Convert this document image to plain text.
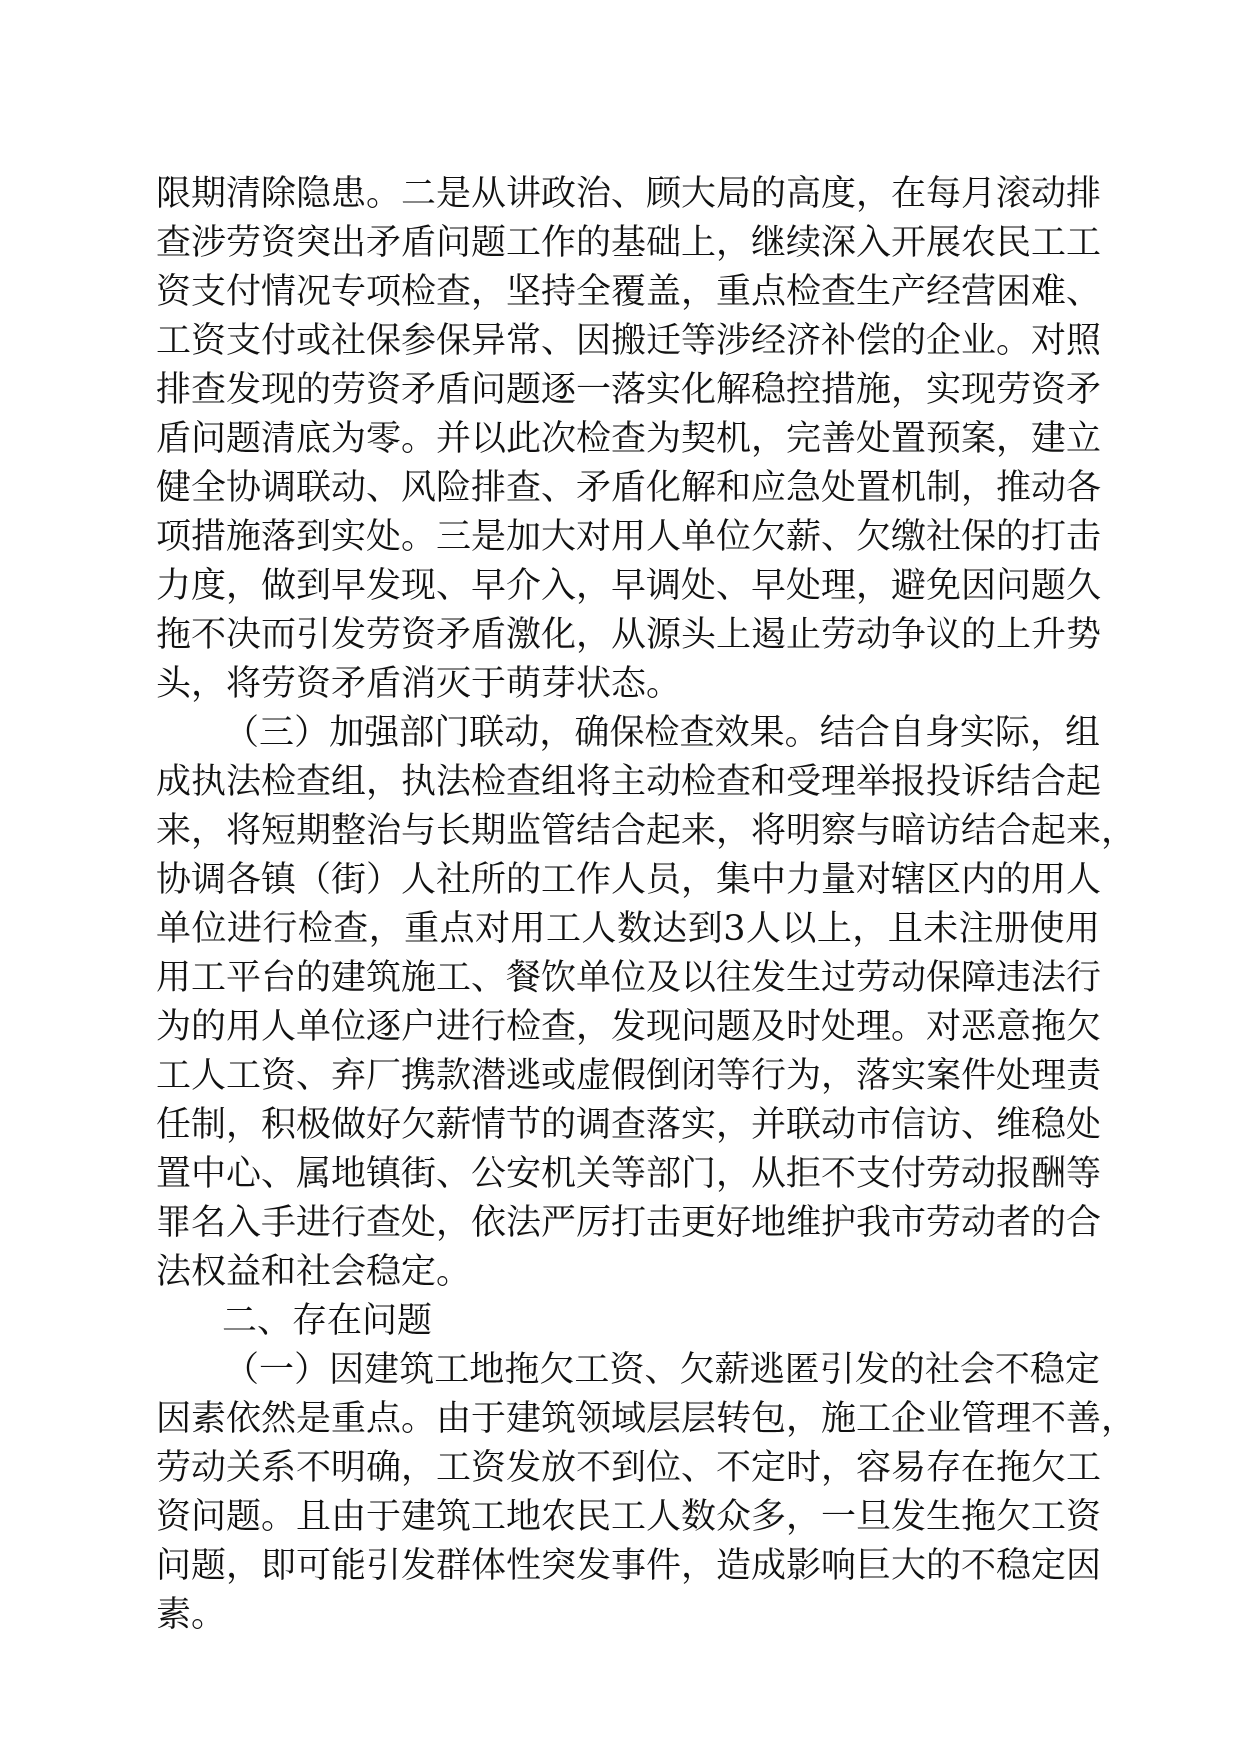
限期清除隐患。二是从讲政治、顾大局的高度，在每月滚动排
查涉劳资突出矛盾问题工作的基础上，继续深入开展农民工工
资支付情况专项检查，坚持全覆盖，重点检查生产经营困难、
工资支付或社保参保异常、因搬迁等涉经济补偿的企业。对照
排查发现的劳资矛盾问题逐一落实化解稳控措施，实现劳资矛
盾问题清底为零。并以此次检查为契机，完善处置预案，建立
健全协调联动、风险排查、矛盾化解和应急处置机制，推动各
项措施落到实处。三是加大对用人单位欠薪、欠缴社保的打击
力度，做到早发现、早介入，早调处、早处理，避免因问题久
拖不决而引发劳资矛盾激化，从源头上遏止劳动争议的上升势
头，将劳资矛盾消灭于萌芽状态。
（三）加强部门联动，确保检查效果。结合自身实际，组
成执法检查组，执法检查组将主动检查和受理举报投诉结合起
来，将短期整治与长期监管结合起来，将明察与暗访结合起来，
协调各镇（街）人社所的工作人员，集中力量对辖区内的用人
单位进行检查，重点对用工人数达到3人以上，且未注册使用
用工平台的建筑施工、餐饮单位及以往发生过劳动保障违法行
为的用人单位逐户进行检查，发现问题及时处理。对恶意拖欠
工人工资、弃厂携款潜逃或虚假倒闭等行为，落实案件处理责
任制，积极做好欠薪情节的调查落实，并联动市信访、维稳处
置中心、属地镇街、公安机关等部门，从拒不支付劳动报酬等
罪名入手进行查处，依法严厉打击更好地维护我市劳动者的合
法权益和社会稳定。
二、存在问题
（一）因建筑工地拖欠工资、欠薪逃匿引发的社会不稳定
因素依然是重点。由于建筑领域层层转包，施工企业管理不善，
劳动关系不明确，工资发放不到位、不定时，容易存在拖欠工
资问题。且由于建筑工地农民工人数众多，一旦发生拖欠工资
问题，即可能引发群体性突发事件，造成影响巨大的不稳定因
素。
